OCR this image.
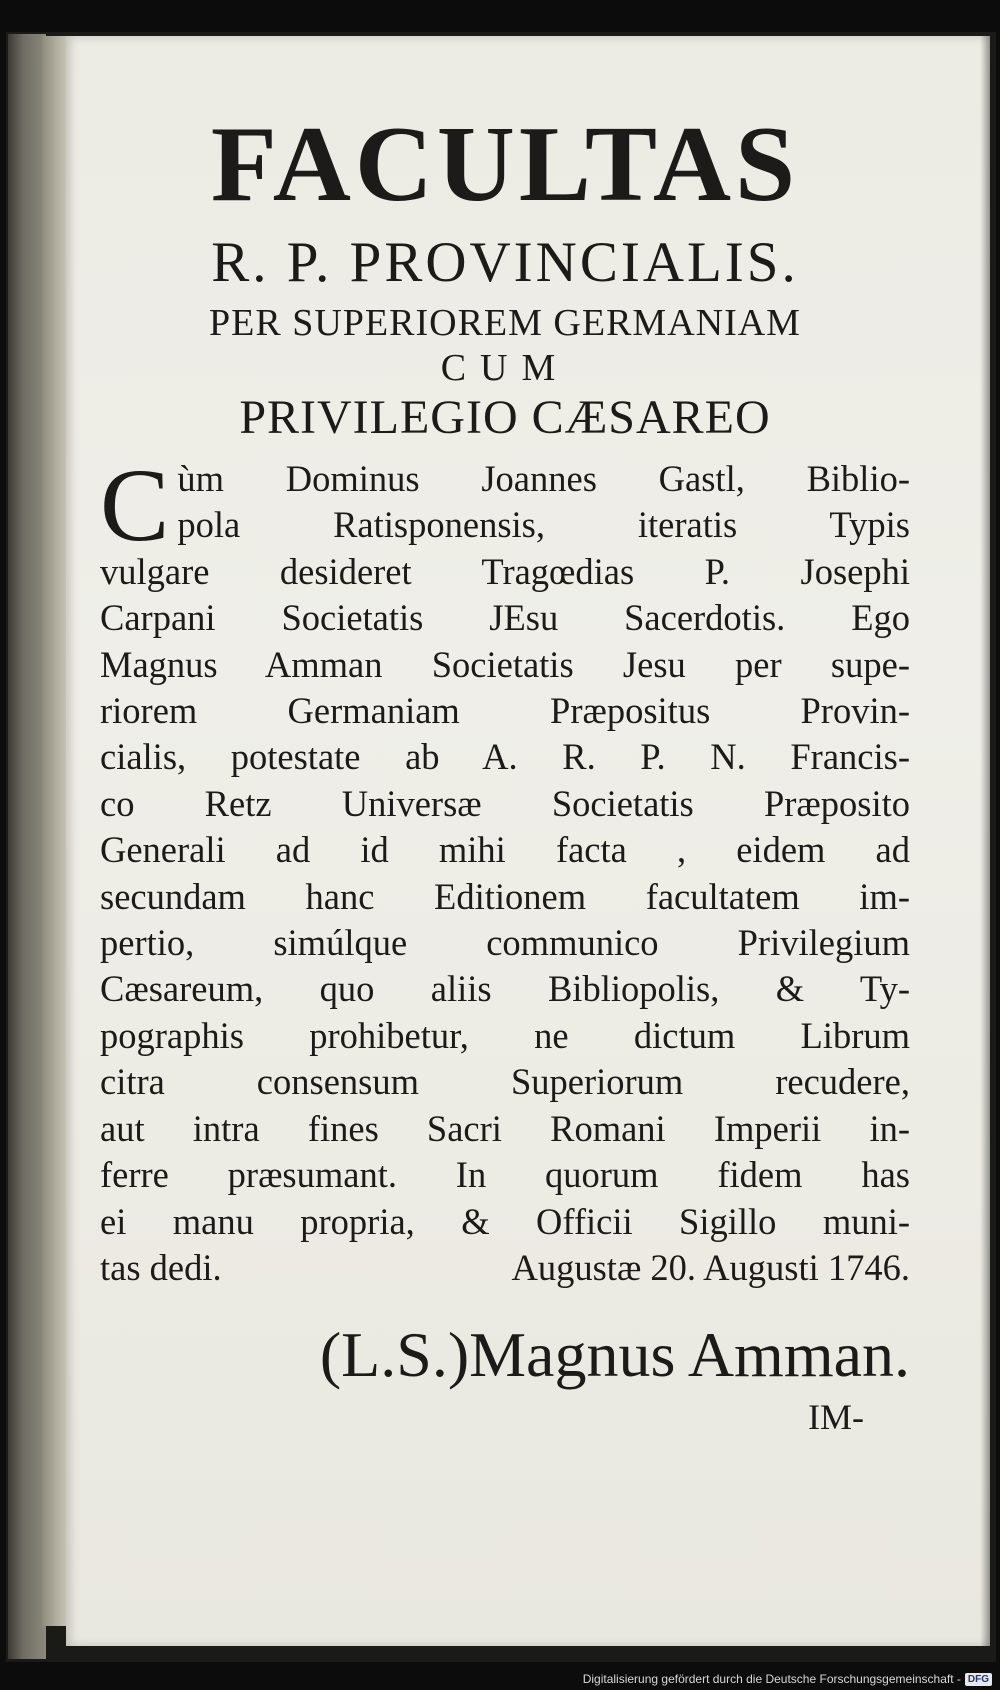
FACULTAS
R. P. PROVINCIALIS.
PER SUPERIOREM GERMANIAM
CUM
PRIVILEGIO CÆSAREO
C ùm Dominus Joannes Gastl, Biblio-
pola Ratisponensis, iteratis Typis
vulgare desideret Tragœdias P. Josephi
Carpani Societatis JEsu Sacerdotis. Ego
Magnus Amman Societatis Jesu per supe-
riorem Germaniam Præpositus Provin-
cialis, potestate ab A. R. P. N. Francis-
co Retz Universæ Societatis Præposito
Generali ad id mihi facta , eidem ad
secundam hanc Editionem facultatem im-
pertio, simúlque communico Privilegium
Cæsareum, quo aliis Bibliopolis, & Ty-
pographis prohibetur, ne dictum Librum
citra consensum Superiorum recudere,
aut intra fines Sacri Romani Imperii in-
ferre præsumant. In quorum fidem has
ei manu propria, & Officii Sigillo muni-
tas dedi.	Augustæ 20. Augusti 1746.
(L.S.)Magnus Amman.
IM-
Digitalisierung gefördert durch die Deutsche Forschungsgemeinschaft - DFG
